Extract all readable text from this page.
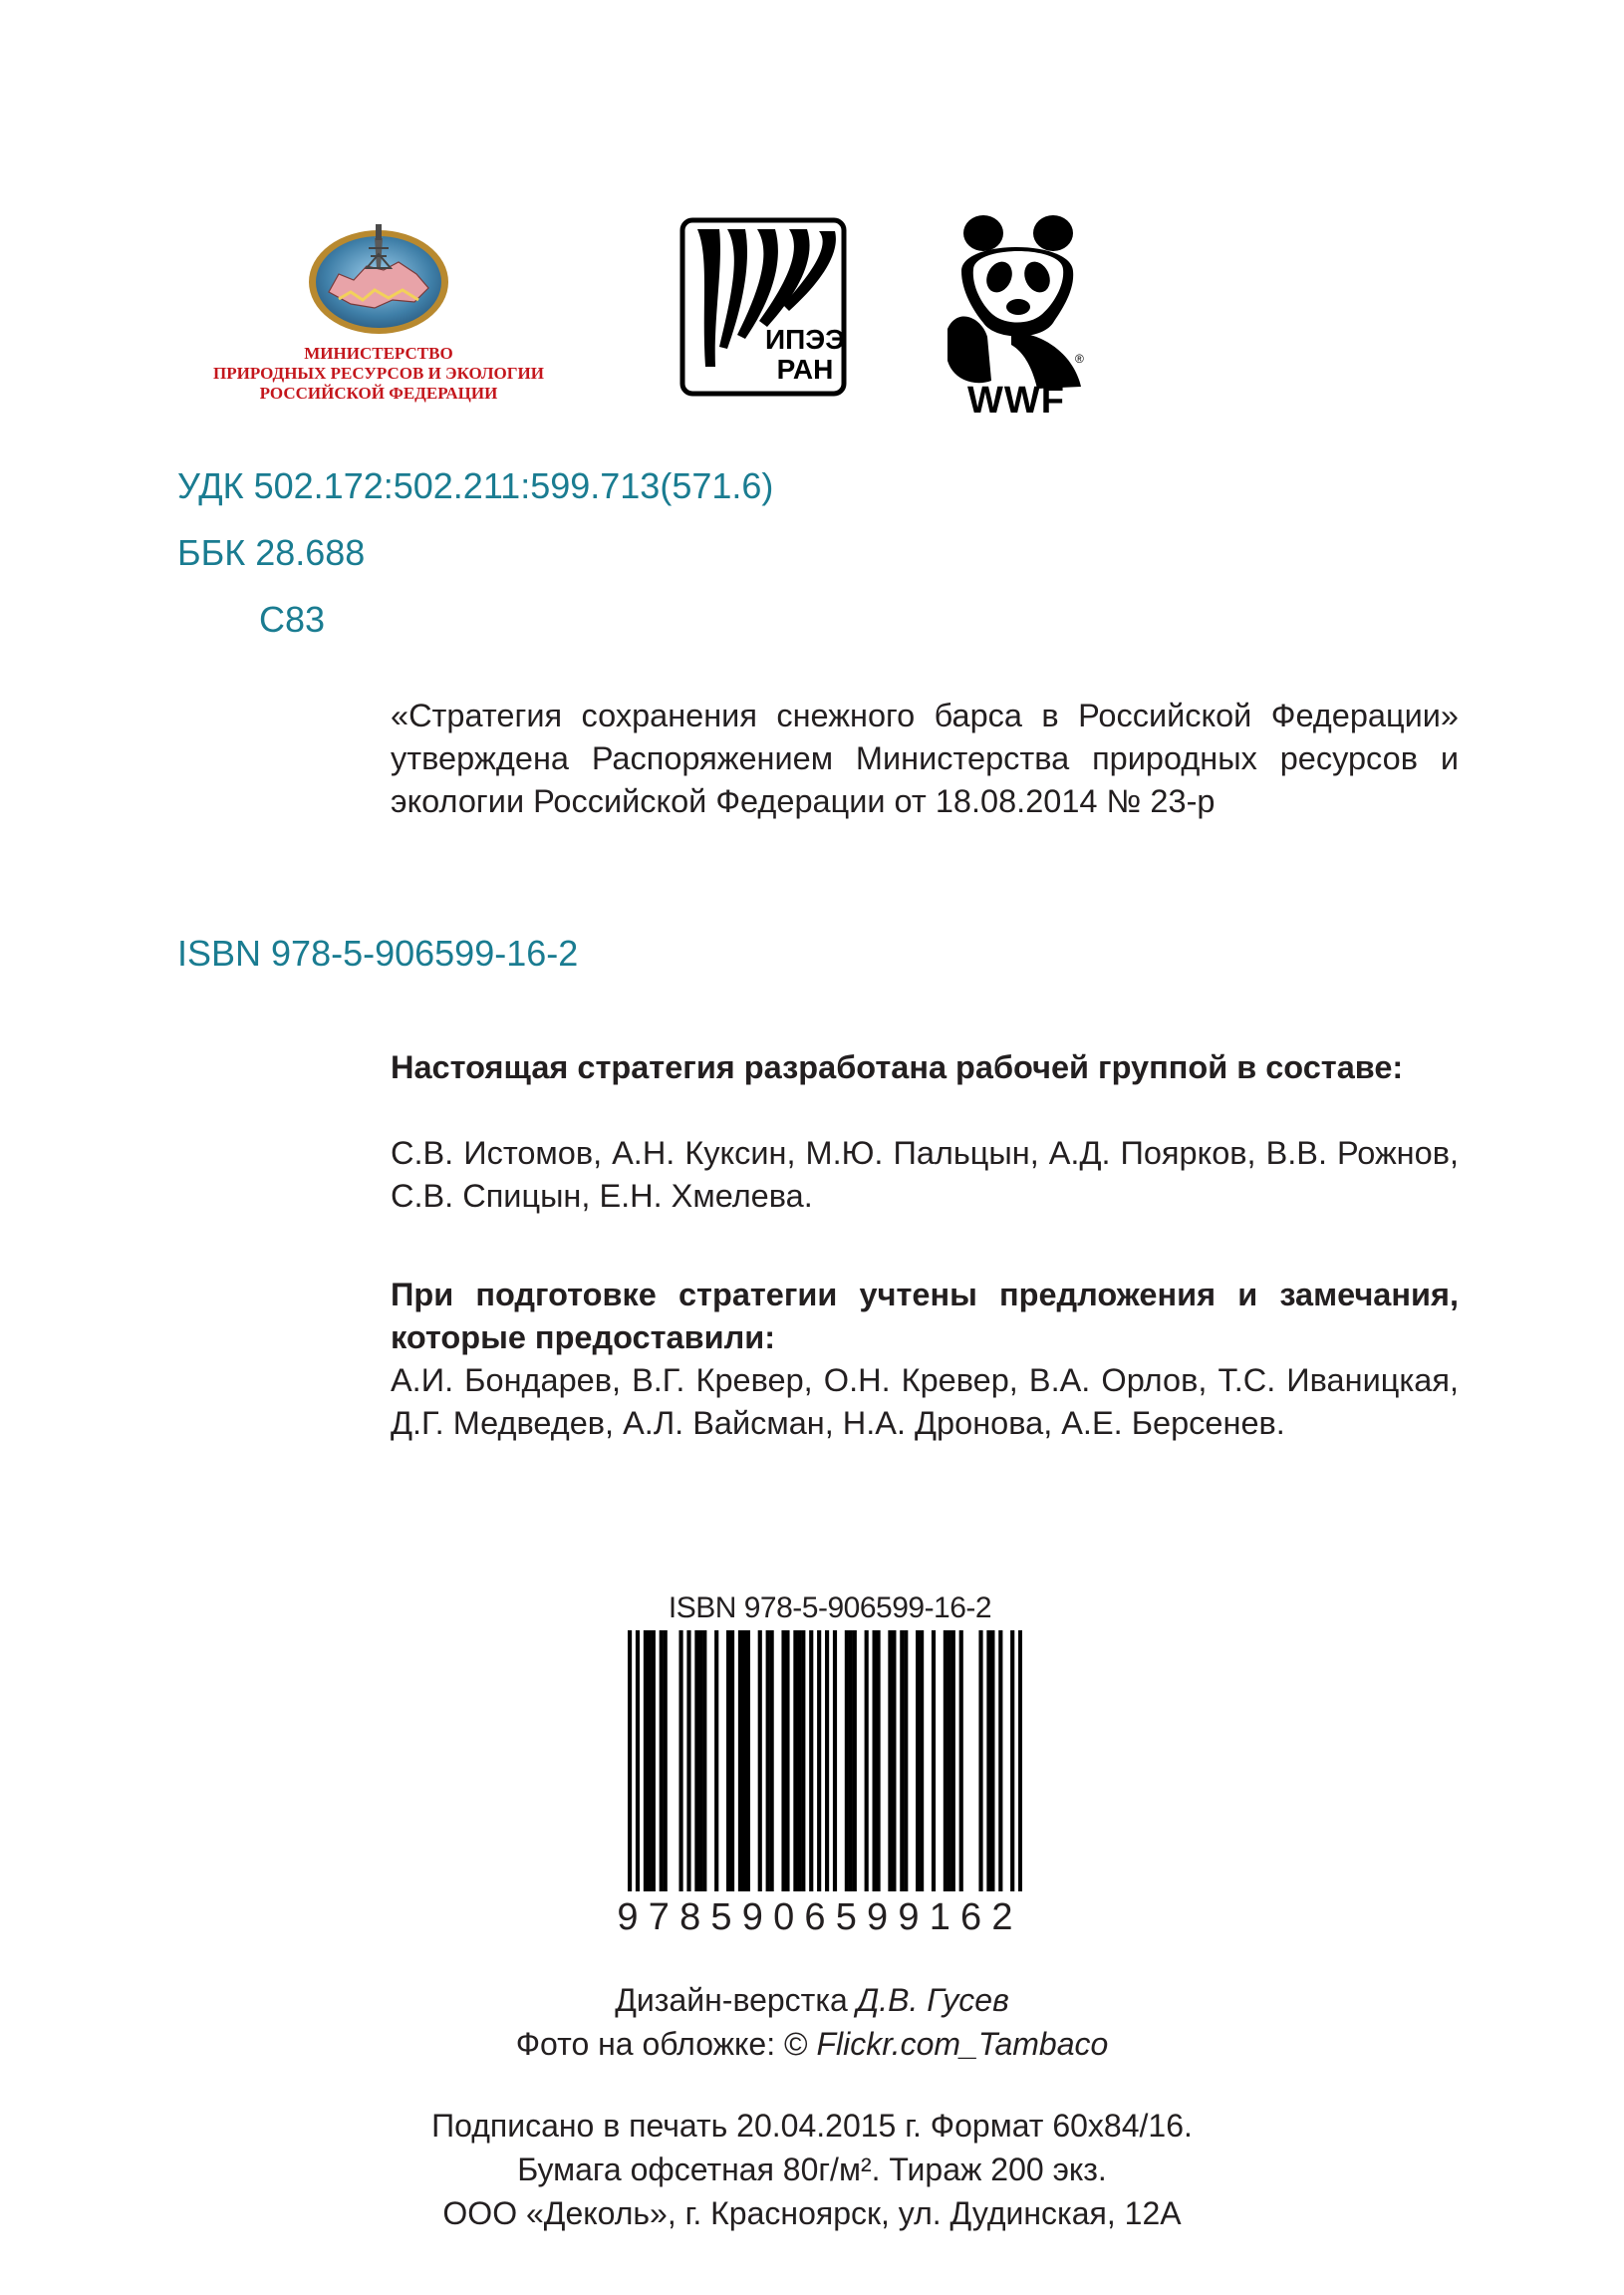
МИНИСТЕРСТВО
ПРИРОДНЫХ РЕСУРСОВ И ЭКОЛОГИИ
РОССИЙСКОЙ ФЕДЕРАЦИИ
ИПЭЭ
РАН	®
®
WWF
УДК 502.172:502.211:599.713(571.6)
ББК 28.688
С83
«Стратегия сохранения снежного барса в Российской Федерации» утверждена Распоряжением Министерства природных ресурсов и экологии Российской Федерации от 18.08.2014 № 23-р
ISBN 978-5-906599-16-2
Настоящая стратегия разработана рабочей группой в составе:
С.В. Истомов, А.Н. Куксин, М.Ю. Пальцын, А.Д. Поярков, В.В. Рожнов, С.В. Спицын, Е.Н. Хмелева.
При подготовке стратегии учтены предложения и замечания, которые предоставили:
А.И. Бондарев, В.Г. Кревер, О.Н. Кревер, В.А. Орлов, Т.С. Иваницкая, Д.Г. Медведев, А.Л. Вайсман, Н.А. Дронова, А.Е. Берсенев.
ISBN 978-5-906599-16-2
9 7 8 5 9 0 6 5 9 9 1 6 2
Дизайн-верстка Д.В. Гусев
Фото на обложке: © Flickr.com_Tambaco
Подписано в печать 20.04.2015 г. Формат 60х84/16.
Бумага офсетная 80г/м². Тираж 200 экз.
ООО «Деколь», г. Красноярск, ул. Дудинская, 12А
